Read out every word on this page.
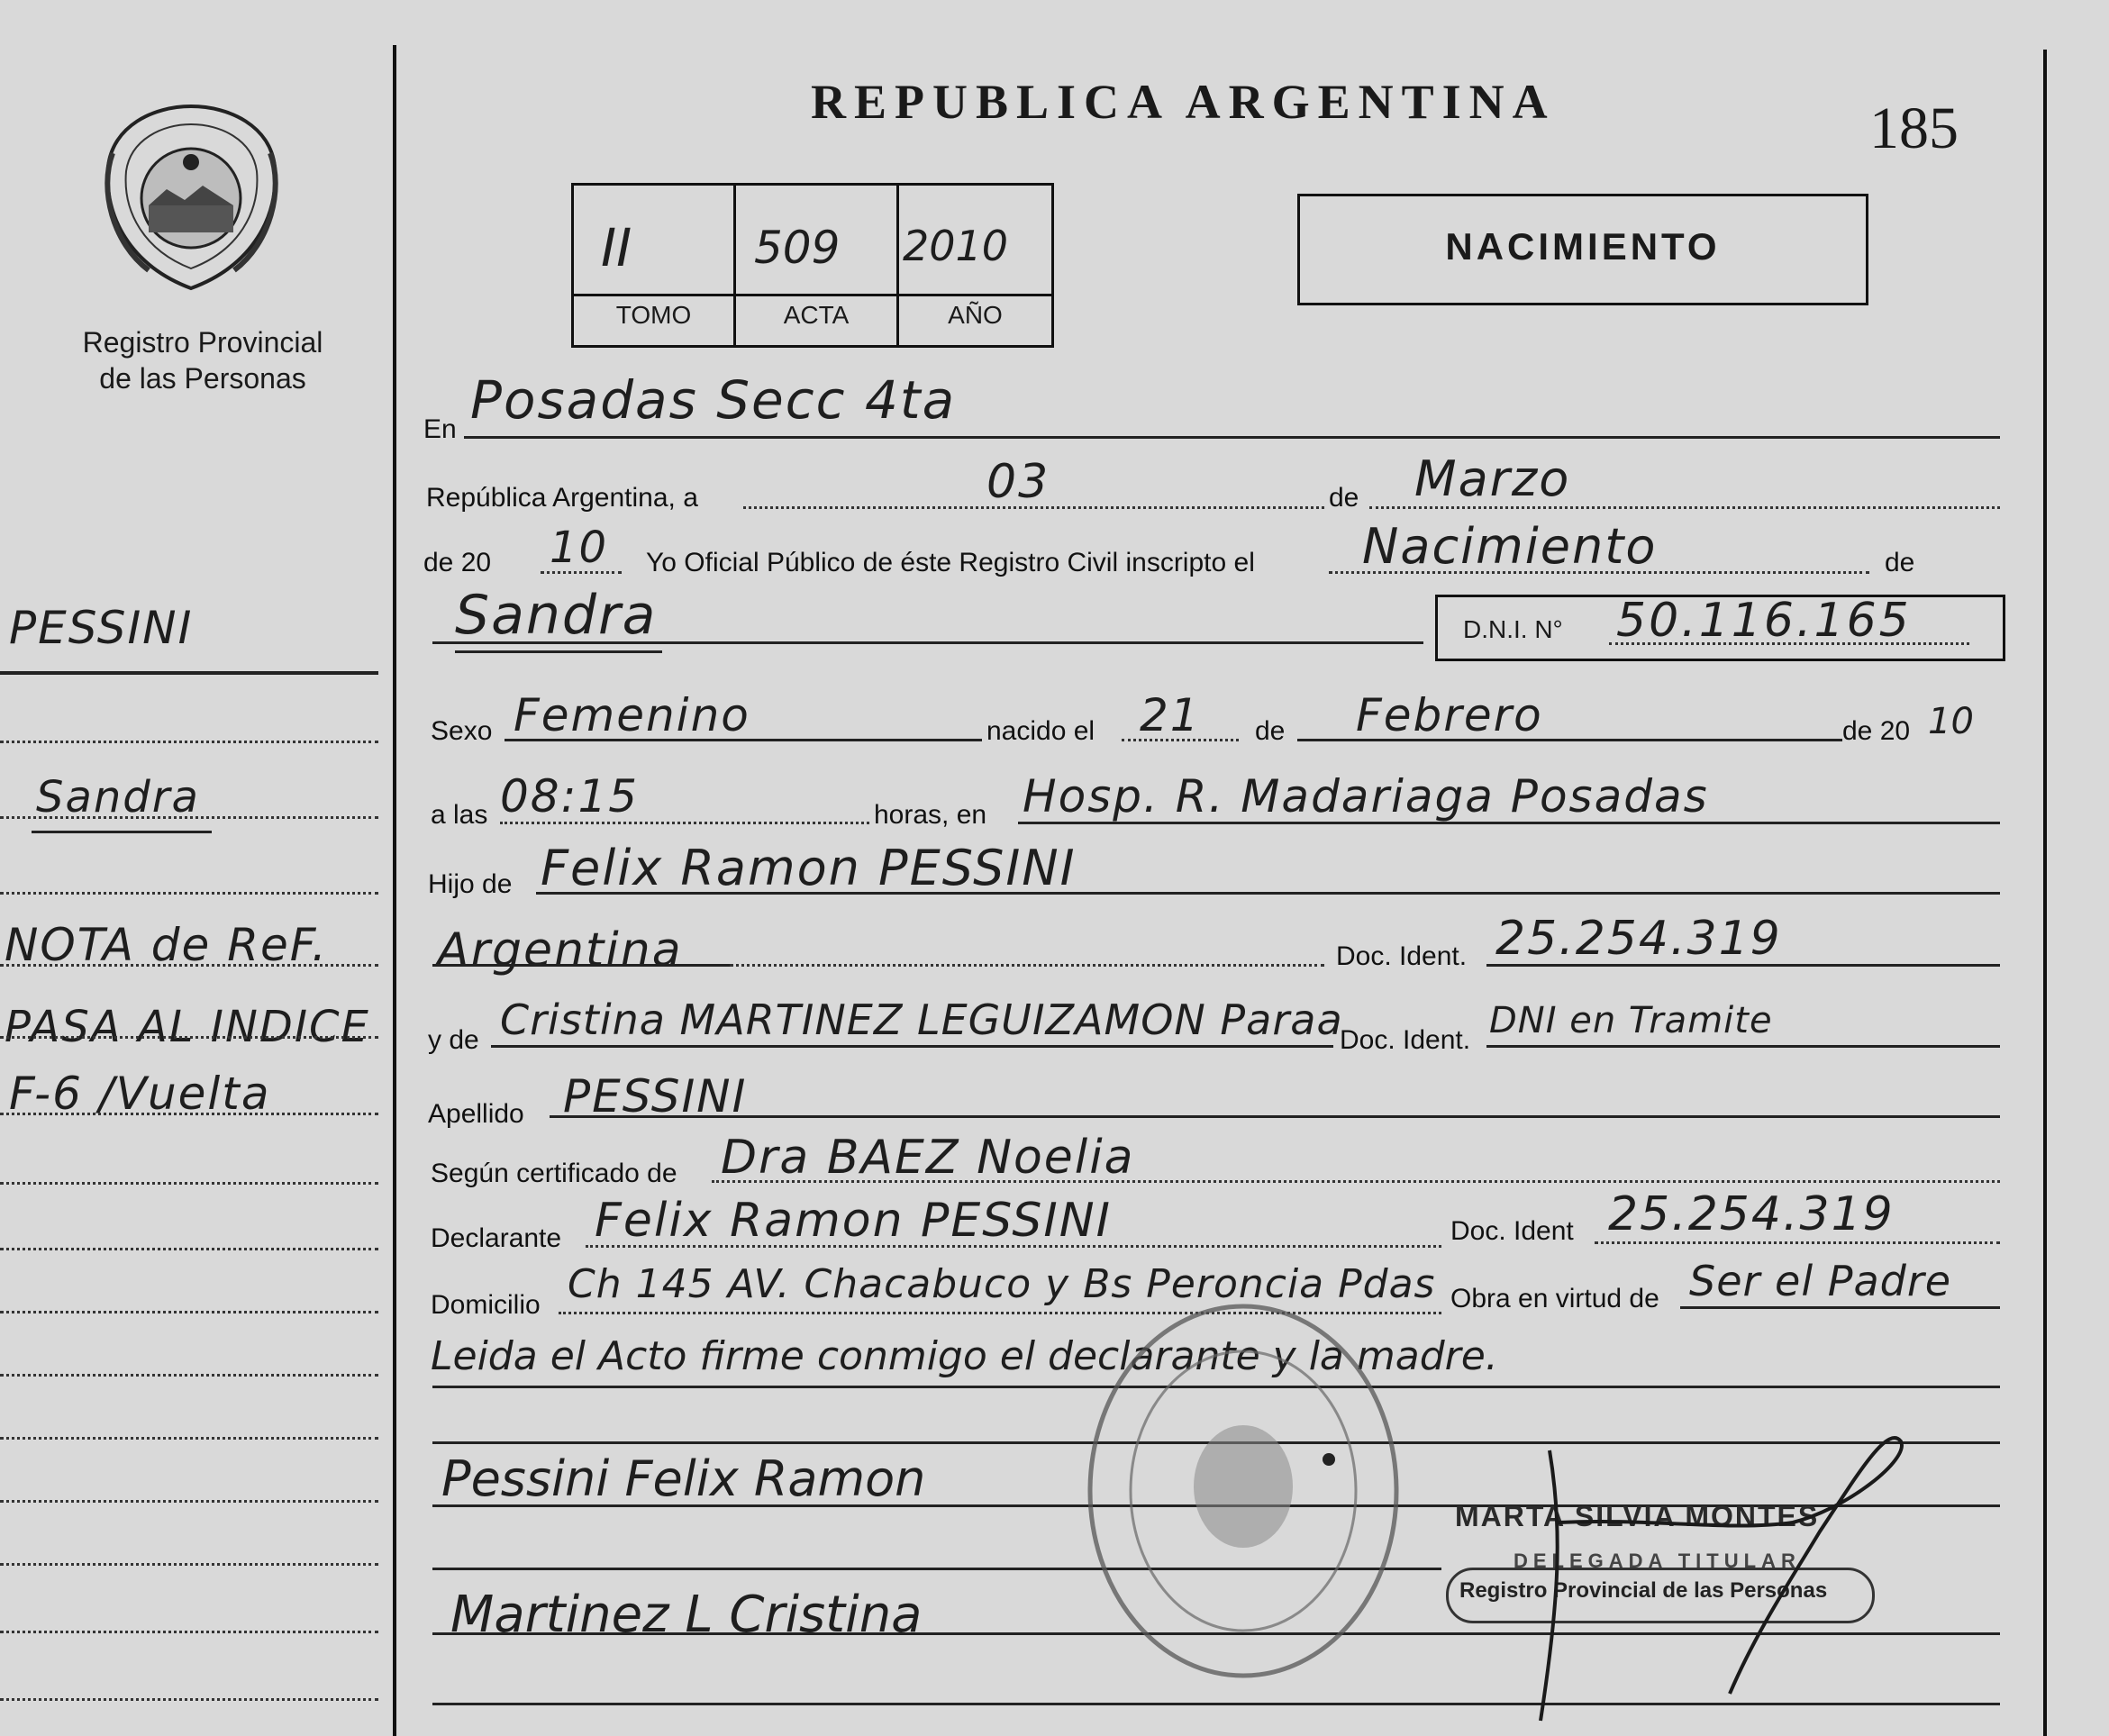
Registro Provincial
de las Personas
PESSINI
Sandra
NOTA de ReF.
PASA AL INDICE
F-6 /Vuelta
REPUBLICA ARGENTINA	185
II	509 2010
TOMO	ACTA	AÑO
NACIMIENTO
En Posadas Secc 4ta
República Argentina, a	03	de Marzo
de 20 10 Yo Oficial Público de éste Registro Civil inscripto el Nacimiento	de
Sandra	D.N.I. N° 50.116.165
Sexo Femenino	nacido el 21 de Febrero	de 20 10
a las 08:15	horas, en Hosp. R. Madariaga Posadas
Hijo de Felix Ramon PESSINI
Argentina	Doc. Ident. 25.254.319
y de Cristina MARTINEZ LEGUIZAMON Paraa
Doc. Ident. DNI en Tramite
Apellido PESSINI
Según certificado de Dra BAEZ Noelia
Declarante Felix Ramon PESSINI	Doc. Ident 25.254.319
Domicilio Ch 145 AV. Chacabuco y Bs Peroncia Pdas Obra en virtud de Ser el Padre
Leida el Acto firme conmigo el declarante y la madre.
Pessini Felix Ramon
Martinez L Cristina
MARTA SILVIA MONTES
DELEGADA TITULAR
Registro Provincial de las Personas
